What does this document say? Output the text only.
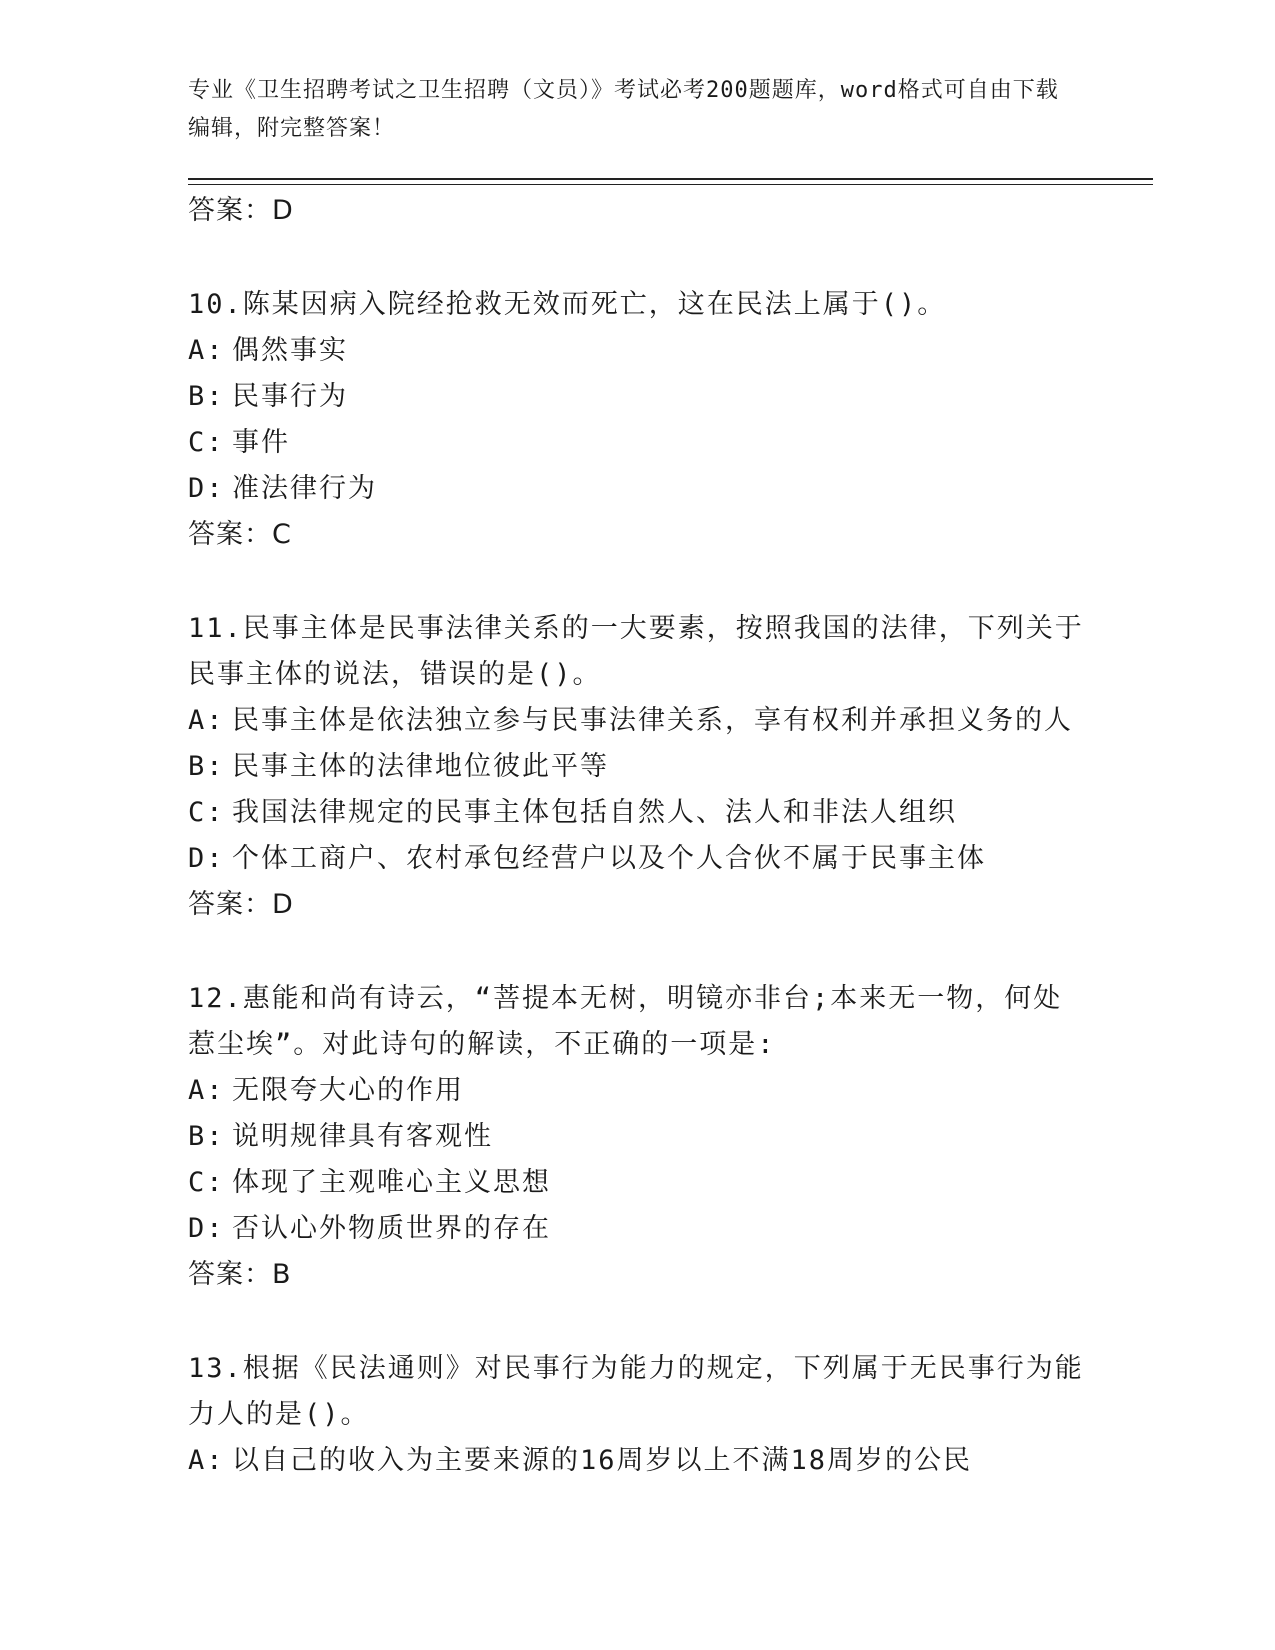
专业《卫生招聘考试之卫生招聘（文员）》考试必考200题题库，word格式可自由下载编辑，附完整答案！
答案：D
10.陈某因病入院经抢救无效而死亡，这在民法上属于()。
A: 偶然事实
B: 民事行为
C: 事件
D: 准法律行为
答案：C
11.民事主体是民事法律关系的一大要素，按照我国的法律，下列关于民事主体的说法，错误的是()。
A: 民事主体是依法独立参与民事法律关系，享有权利并承担义务的人
B: 民事主体的法律地位彼此平等
C: 我国法律规定的民事主体包括自然人、法人和非法人组织
D: 个体工商户、农村承包经营户以及个人合伙不属于民事主体
答案：D
12.惠能和尚有诗云，“菩提本无树，明镜亦非台;本来无一物，何处惹尘埃”。对此诗句的解读，不正确的一项是:
A: 无限夸大心的作用
B: 说明规律具有客观性
C: 体现了主观唯心主义思想
D: 否认心外物质世界的存在
答案：B
13.根据《民法通则》对民事行为能力的规定，下列属于无民事行为能力人的是()。
A: 以自己的收入为主要来源的16周岁以上不满18周岁的公民
